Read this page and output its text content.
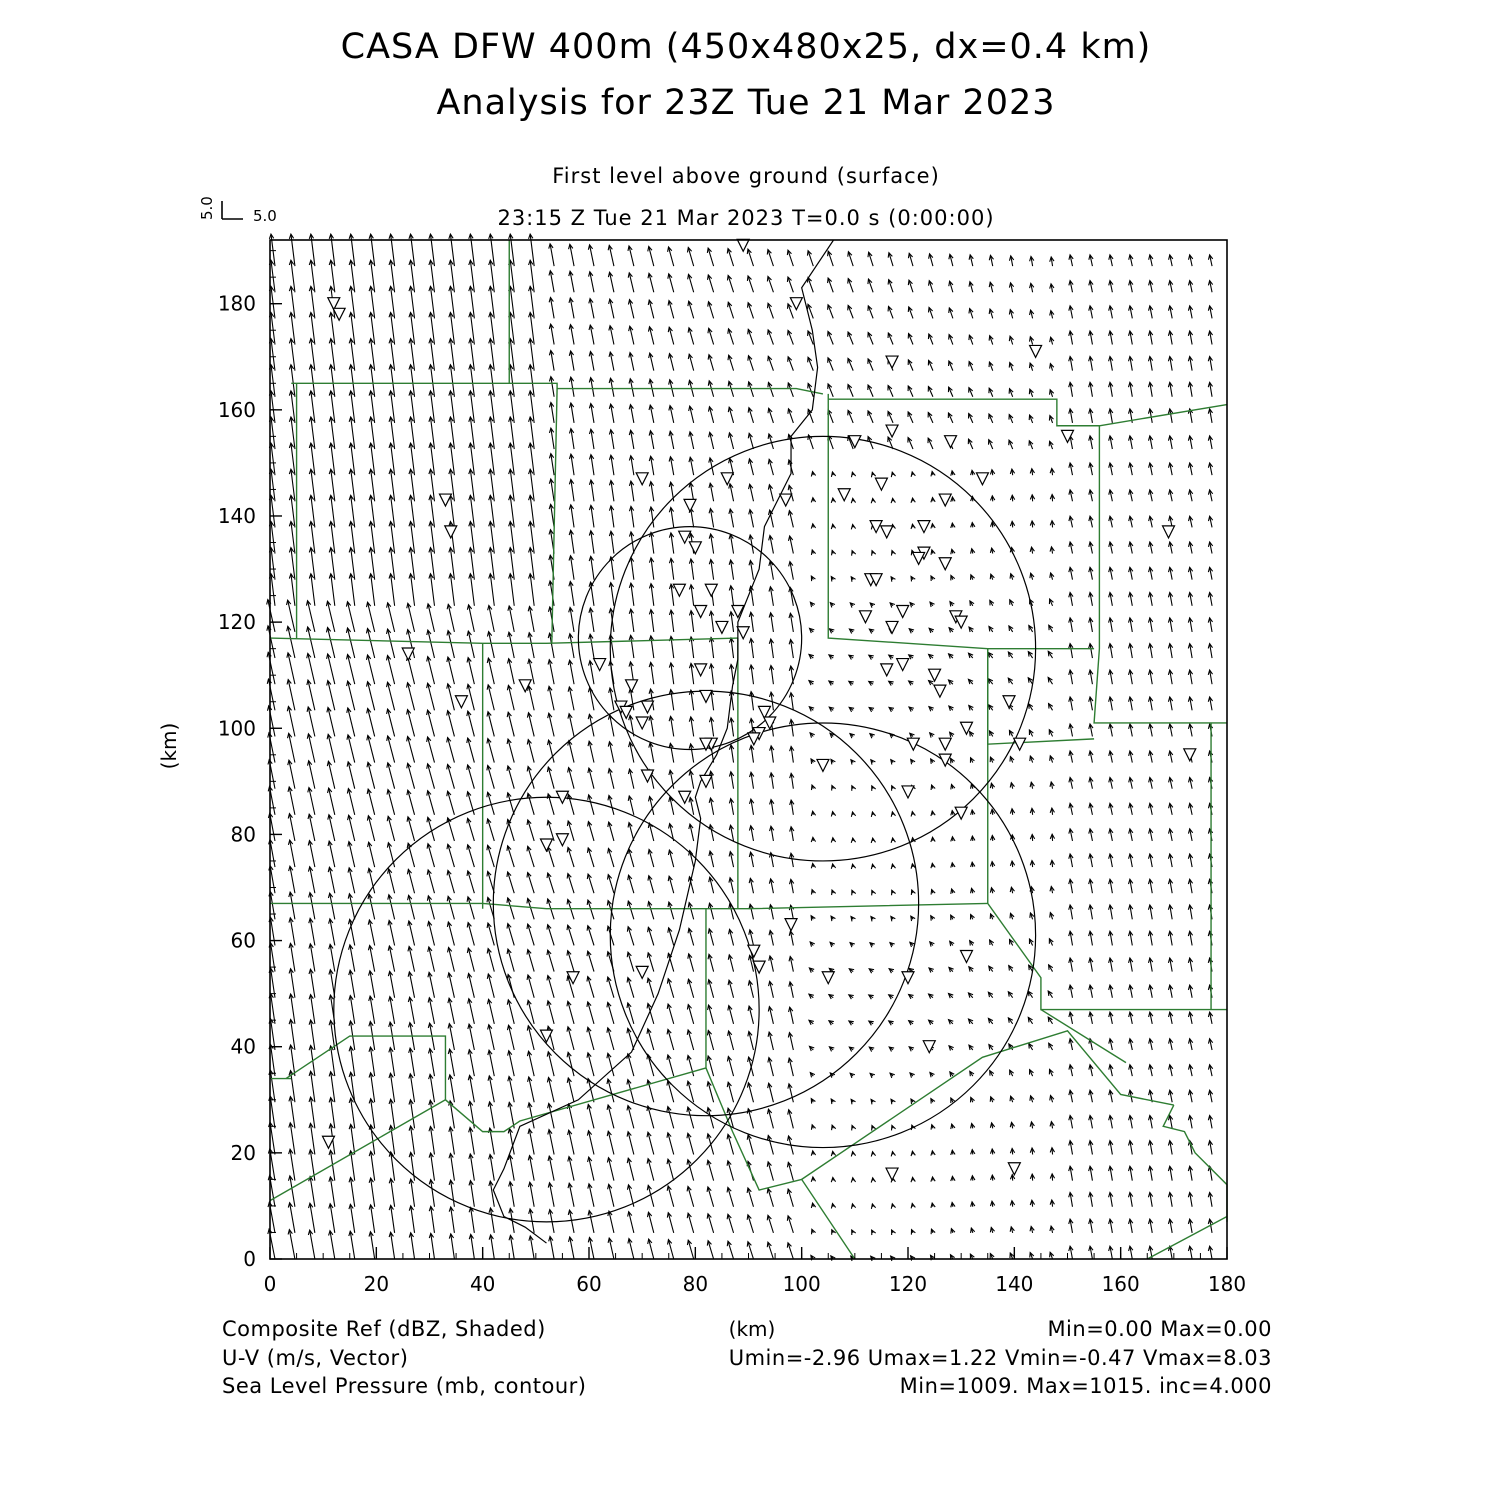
CASA DFW 400m (450x480x25, dx=0.4 km)
Analysis for 23Z Tue 21 Mar 2023
First level above ground (surface)
23:15 Z Tue 21 Mar 2023 T=0.0 s (0:00:00)
5.0 5.0
0	20	40	60	80	100	120	140	160	180
0
20
40
60
80
100
120
140
160
180
(km)
(km)
Composite Ref (dBZ, Shaded)	Min=0.00 Max=0.00
U-V (m/s, Vector)	Umin=-2.96 Umax=1.22 Vmin=-0.47 Vmax=8.03
Sea Level Pressure (mb, contour)	Min=1009. Max=1015. inc=4.000
